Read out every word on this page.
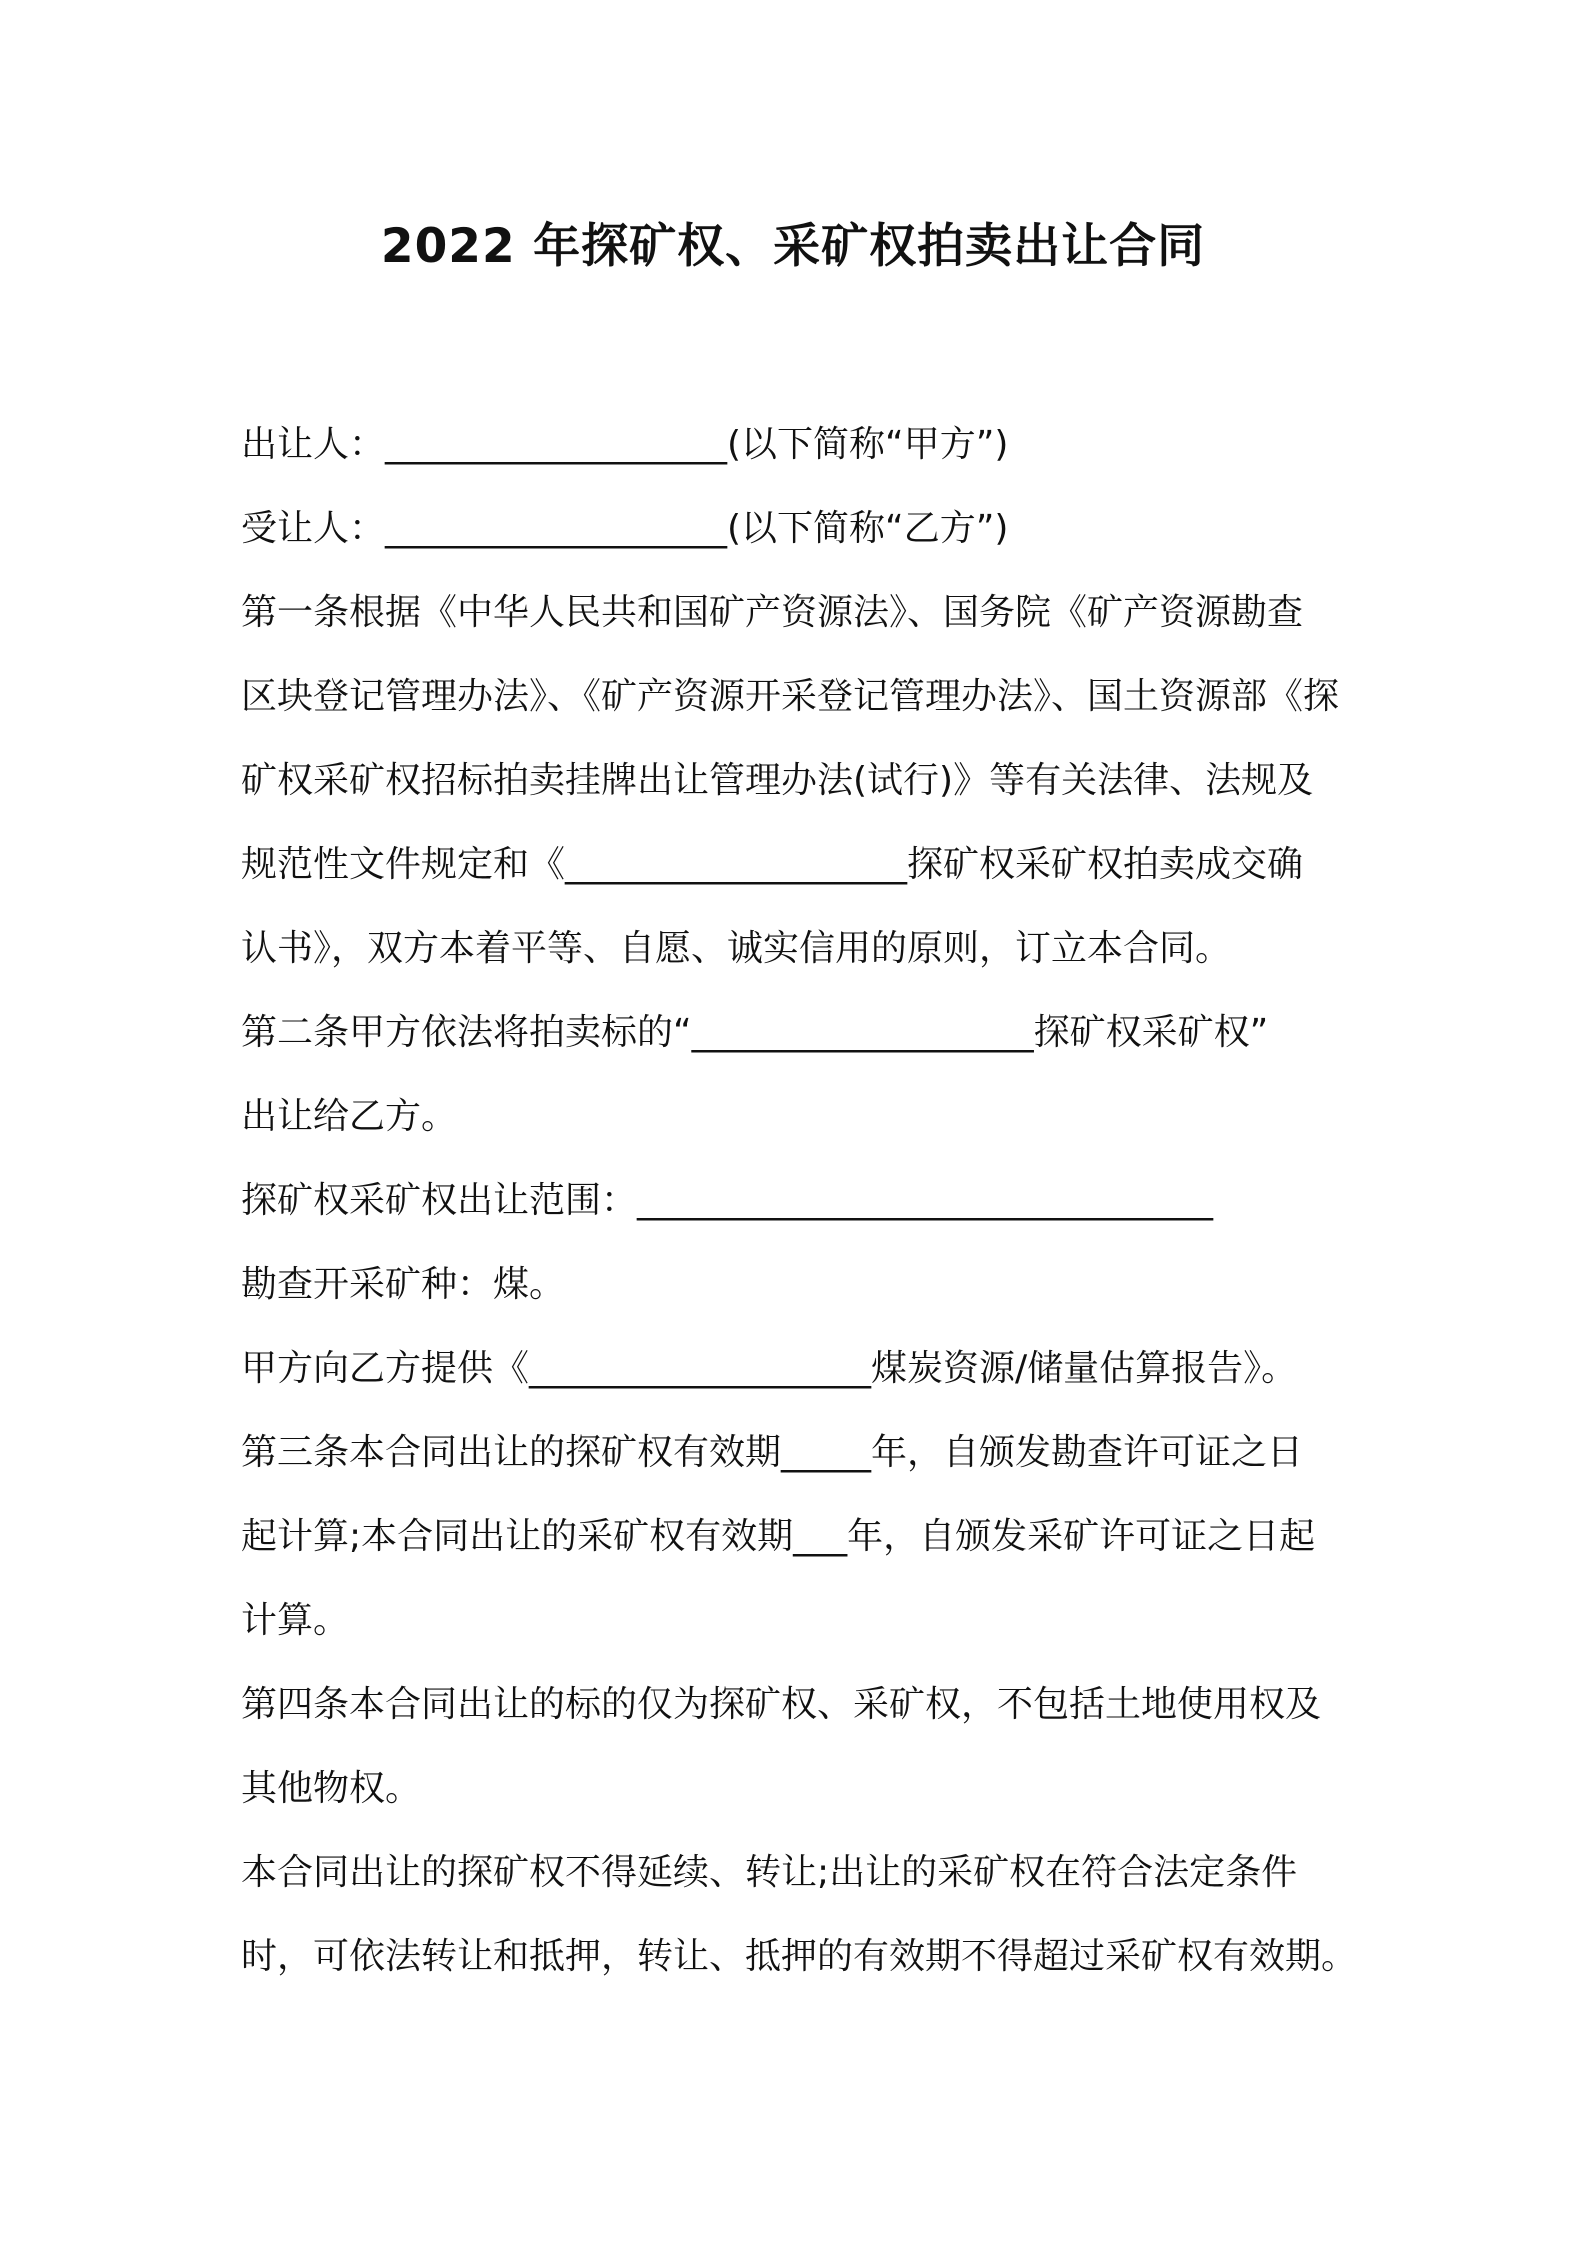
2022 年探矿权、采矿权拍卖出让合同
出让人：___________________(以下简称“甲方”)
受让人：___________________(以下简称“乙方”)
第一条根据《中华人民共和国矿产资源法》、国务院《矿产资源勘查
区块登记管理办法》、《矿产资源开采登记管理办法》、国土资源部《探
矿权采矿权招标拍卖挂牌出让管理办法(试行)》等有关法律、法规及
规范性文件规定和《___________________探矿权采矿权拍卖成交确
认书》，双方本着平等、自愿、诚实信用的原则，订立本合同。
第二条甲方依法将拍卖标的“___________________探矿权采矿权”
出让给乙方。
探矿权采矿权出让范围：________________________________
勘查开采矿种：煤。
甲方向乙方提供《___________________煤炭资源/储量估算报告》。
第三条本合同出让的探矿权有效期_____年，自颁发勘查许可证之日
起计算;本合同出让的采矿权有效期___年，自颁发采矿许可证之日起
计算。
第四条本合同出让的标的仅为探矿权、采矿权，不包括土地使用权及
其他物权。
本合同出让的探矿权不得延续、转让;出让的采矿权在符合法定条件
时，可依法转让和抵押，转让、抵押的有效期不得超过采矿权有效期。
